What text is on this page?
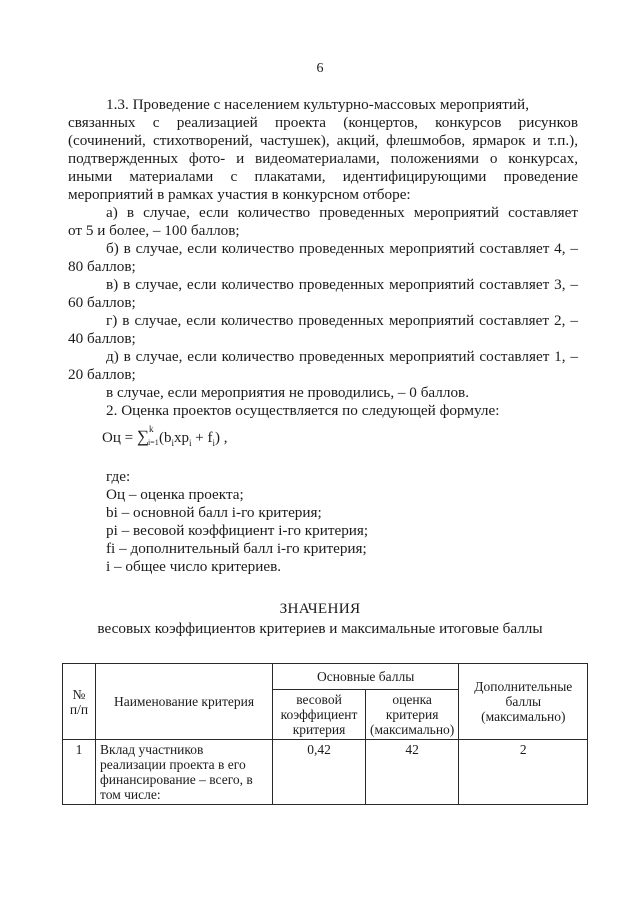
6
1.3. Проведение с населением культурно-массовых мероприятий,
связанных с реализацией проекта (концертов, конкурсов рисунков
(сочинений, стихотворений, частушек), акций, флешмобов, ярмарок и т.п.),
подтвержденных фото- и видеоматериалами, положениями о конкурсах,
иными материалами с плакатами, идентифицирующими проведение
мероприятий в рамках участия в конкурсном отборе:
а) в случае, если количество проведенных мероприятий составляет
от 5 и более, – 100 баллов;
б) в случае, если количество проведенных мероприятий составляет 4, –
80 баллов;
в) в случае, если количество проведенных мероприятий составляет 3, –
60 баллов;
г) в случае, если количество проведенных мероприятий составляет 2, –
40 баллов;
д) в случае, если количество проведенных мероприятий составляет 1, –
20 баллов;
в случае, если мероприятия не проводились, – 0 баллов.
2. Оценка проектов осуществляется по следующей формуле:
Оц = ∑ k
i=1 $(b_ixp_i + f_i)$ ,
где:
Оц – оценка проекта;
bi – основной балл i-го критерия;
pi – весовой коэффициент i-го критерия;
fi – дополнительный балл i-го критерия;
i – общее число критериев.
ЗНАЧЕНИЯ
весовых коэффициентов критериев и максимальные итоговые баллы
№ п/п	Наименование критерия	Основные баллы		Дополнительные баллы (максимально)
		весовой коэффициент критерия	оценка критерия (максимально)	
1	Вклад участников реализации проекта в его финансирование – всего, в том числе:	0,42	42	2
